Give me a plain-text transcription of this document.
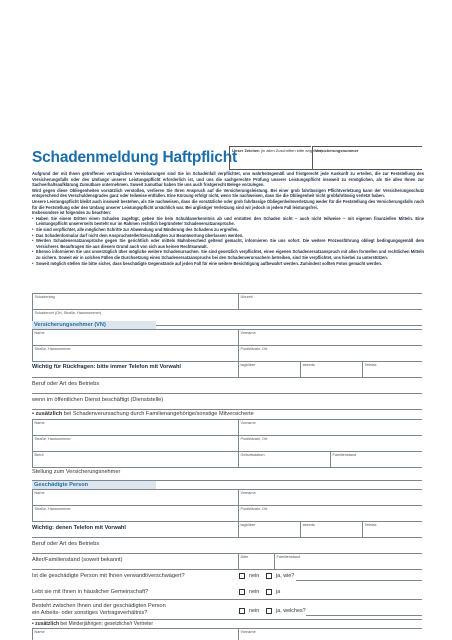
Schadenmeldung Haftpflicht
Unser Zeichen (in allen Zuschriften bitte angeben)
Versicherungsnummer

Aufgrund der mit Ihnen getroffenen vertraglichen Vereinbarungen sind Sie im Schadenfall verpflichtet, uns wahrheitsgemäß und fristgerecht jede Auskunft zu erteilen, die zur Feststellung des Versicherungsfalls oder des Umfangs unserer Leistungspflicht erforderlich ist, und uns die sachgerechte Prüfung unserer Leistungspflicht insoweit zu ermöglichen, als Sie alles Ihnen zur Sachverhaltsaufklärung Zumutbare unternehmen. Soweit zumutbar haben Sie uns auch fristgerecht Belege vorzulegen.

Wird gegen diese Obliegenheiten vorsätzlich verstoßen, verlieren Sie Ihren Anspruch auf die Versicherungsleistung. Bei einer grob fahrlässigen Pflichtverletzung kann der Versicherungsschutz entsprechend des Verschuldensgrades ganz oder teilweise entfallen. Eine Kürzung erfolgt nicht, wenn Sie nachweisen, dass Sie die Obliegenheit nicht grobfahrlässig verletzt haben.

Unsere Leistungspflicht bleibt auch insoweit bestehen, als Sie nachweisen, dass die vorsätzliche oder grob fahrlässige Obliegenheitsverletzung weder für die Feststellung des Versicherungsfalls noch für die Feststellung oder den Umfang unserer Leistungspflicht ursächlich war. Bei arglistiger Verletzung sind wir jedoch in jedem Fall leistungsfrei.

Insbesondere ist folgendes zu beachten:

• Haben Sie einem Dritten einen Schaden zugefügt, geben Sie kein Schuldanerkenntnis ab und erstatten den Schaden nicht – auch nicht teilweise – mit eigenen finanziellen Mitteln. Eine Leistungspflicht unsererseits besteht nur im Rahmen rechtlich begründeter Schadenersatzansprüche.
• Sie sind verpflichtet, alle möglichen Schritte zur Abwendung und Minderung des Schadens zu ergreifen.
• Das Schadenformular darf nicht dem Anspruchsteller/Geschädigten zur Beantwortung überlassen werden.
• Werden Schadenersatzansprüche gegen Sie gerichtlich oder mittels Mahnbescheid geltend gemacht, informieren Sie uns sofort. Die weitere Prozessführung obliegt bedingungsgemäß dem Versicherer. Beauftragen Sie aus diesem Grund auch von sich aus keinen Rechtsanwalt.
• Ebenso informieren Sie uns unverzüglich über mögliche weitere Schadenursachen. Sie sind gesetzlich verpflichtet, einen eigenen Schadenersatzanspruch mit allen formellen und rechtlichen Mitteln zu sichern. Soweit wir in solchen Fällen die Durchsetzung eines Schadenersatzanspruchs bei den Schadenverursachern betreiben, sind Sie verpflichtet, uns hierbei zu unterstützen.
• Soweit möglich stellen Sie bitte sicher, dass beschädigte Gegenstände auf jeden Fall für eine weitere Besichtigung aufbewahrt werden. Zumindest sollten Fotos gemacht werden.
Schadentag	Uhrzeit
Schadenort (Ort, Straße, Hausnummer)
Versicherungsnehmer (VN)
Name	Vorname
Straße, Hausnummer	Postleitzahl, Ort
Wichtig für Rückfragen: bitte immer Telefon mit Vorwahl	tagsüber	abends	Telefax
Beruf oder Art des Betriebs
wenn im öffentlichen Dienst beschäftigt (Dienststelle)
• zusätzlich bei Schadenverursachung durch Familienangehörige/sonstige Mitversicherte
Name	Vorname
Straße, Hausnummer	Postleitzahl, Ort
Beruf	Geburtsdatum	Familienstand
Stellung zum Versicherungsnehmer
Geschädigte Person
Name	Vorname
Straße, Hausnummer	Postleitzahl, Ort
Wichtig: denen Telefon mit Vorwahl
tagsüber	abends	Telefax
Beruf oder Art des Betriebs
Alter/Familienstand (soweit bekannt)
Alter	Familienstand
Ist die geschädigte Person mit Ihnen verwandt/verschwägert?	nein	ja, wie?
Lebt sie mit Ihnen in häuslicher Gemeinschaft?	nein	ja
Besteht zwischen Ihnen und der geschädigten Person
ein Arbeits- oder sonstiges Vertragsverhältnis?	nein	ja, welches?
• zusätzlich bei Minderjährigen: gesetzliche/r Vertreter
Name	Vorname
